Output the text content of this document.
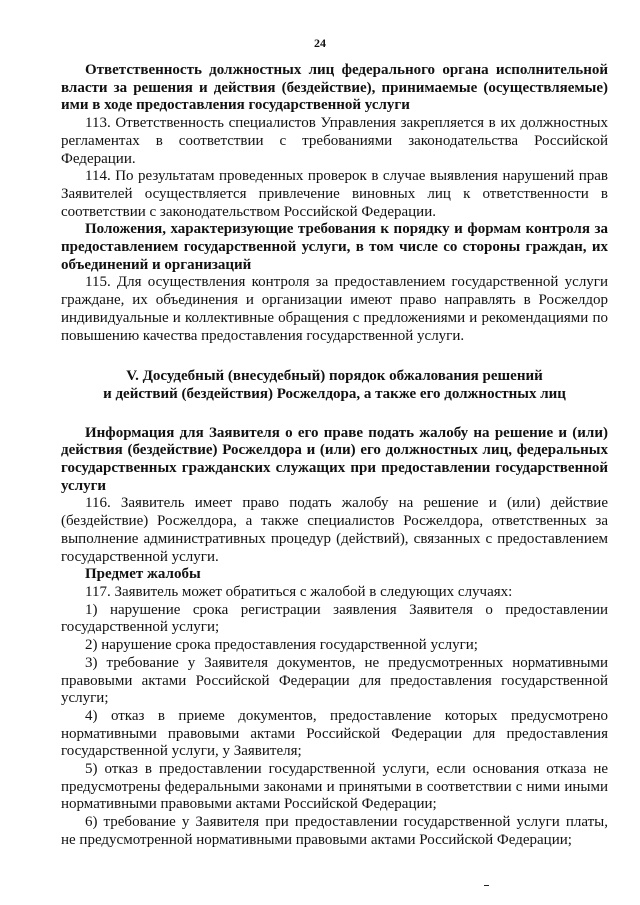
24

Ответственность должностных лиц федерального органа исполнительной власти за решения и действия (бездействие), принимаемые (осуществляемые) ими в ходе предоставления государственной услуги

113. Ответственность специалистов Управления закрепляется в их должностных регламентах в соответствии с требованиями законодательства Российской Федерации.

114. По результатам проведенных проверок в случае выявления нарушений прав Заявителей осуществляется привлечение виновных лиц к ответственности в соответствии с законодательством Российской Федерации.

Положения, характеризующие требования к порядку и формам контроля за предоставлением государственной услуги, в том числе со стороны граждан, их объединений и организаций

115. Для осуществления контроля за предоставлением государственной услуги граждане, их объединения и организации имеют право направлять в Росжелдор индивидуальные и коллективные обращения с предложениями и рекомендациями по повышению качества предоставления государственной услуги.

V. Досудебный (внесудебный) порядок обжалования решений

и действий (бездействия) Росжелдора, а также его должностных лиц

Информация для Заявителя о его праве подать жалобу на решение и (или) действия (бездействие) Росжелдора и (или) его должностных лиц, федеральных государственных гражданских служащих при предоставлении государственной услуги

116. Заявитель имеет право подать жалобу на решение и (или) действие (бездействие) Росжелдора, а также специалистов Росжелдора, ответственных за выполнение административных процедур (действий), связанных с предоставлением государственной услуги.

Предмет жалобы

117. Заявитель может обратиться с жалобой в следующих случаях:

1) нарушение срока регистрации заявления Заявителя о предоставлении государственной услуги;

2) нарушение срока предоставления государственной услуги;

3) требование у Заявителя документов, не предусмотренных нормативными правовыми актами Российской Федерации для предоставления государственной услуги;

4) отказ в приеме документов, предоставление которых предусмотрено нормативными правовыми актами Российской Федерации для предоставления государственной услуги, у Заявителя;

5) отказ в предоставлении государственной услуги, если основания отказа не предусмотрены федеральными законами и принятыми в соответствии с ними иными нормативными правовыми актами Российской Федерации;

6) требование у Заявителя при предоставлении государственной услуги платы, не предусмотренной нормативными правовыми актами Российской Федерации;
